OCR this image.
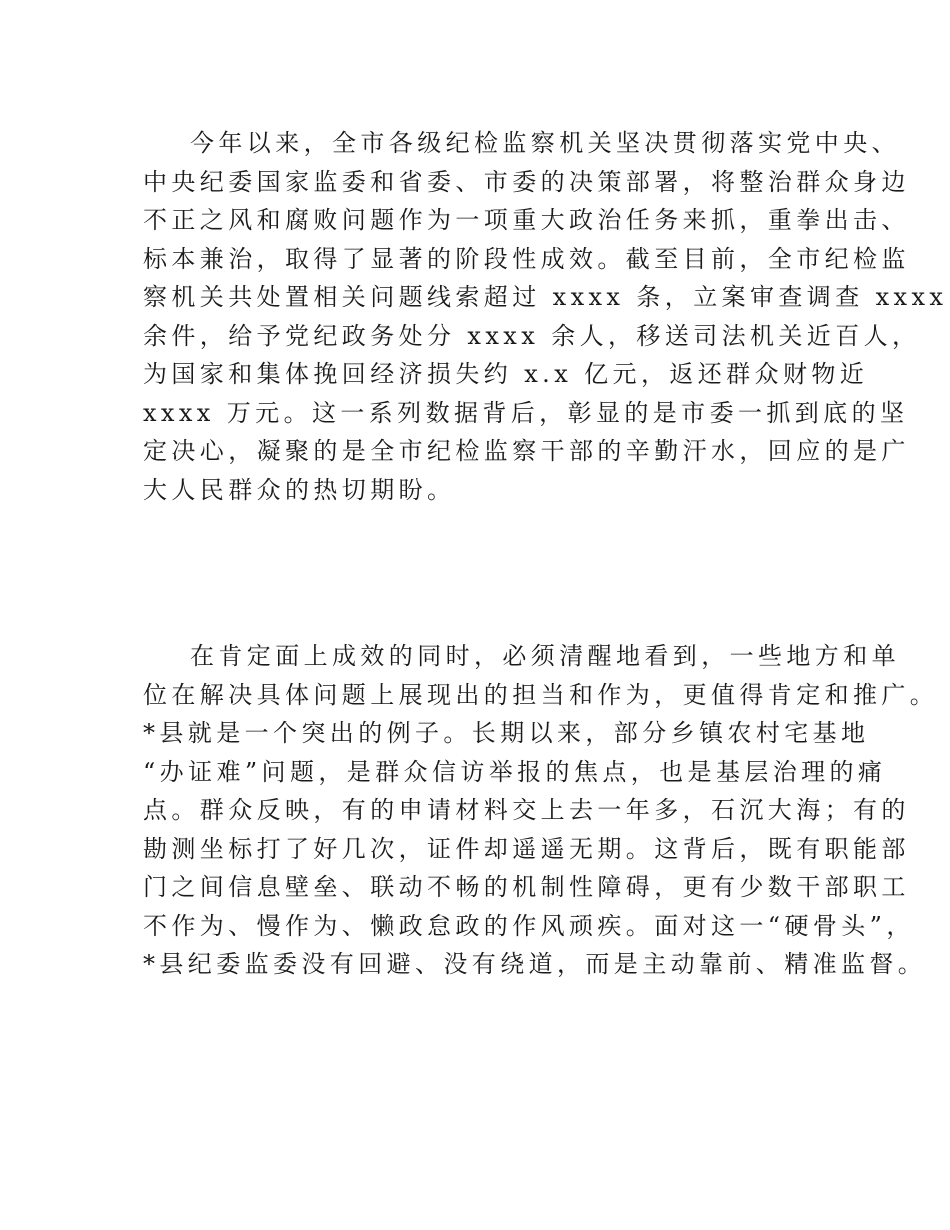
今年以来，全市各级纪检监察机关坚决贯彻落实党中央、
中央纪委国家监委和省委、市委的决策部署，将整治群众身边
不正之风和腐败问题作为一项重大政治任务来抓，重拳出击、
标本兼治，取得了显著的阶段性成效。截至目前，全市纪检监
察机关共处置相关问题线索超过 xxxx 条，立案审查调查 xxxx
余件，给予党纪政务处分 xxxx 余人，移送司法机关近百人，
为国家和集体挽回经济损失约 x.x 亿元，返还群众财物近
xxxx 万元。这一系列数据背后，彰显的是市委一抓到底的坚
定决心，凝聚的是全市纪检监察干部的辛勤汗水，回应的是广
大人民群众的热切期盼。
在肯定面上成效的同时，必须清醒地看到，一些地方和单
位在解决具体问题上展现出的担当和作为，更值得肯定和推广。
*县就是一个突出的例子。长期以来，部分乡镇农村宅基地
“办证难”问题，是群众信访举报的焦点，也是基层治理的痛
点。群众反映，有的申请材料交上去一年多，石沉大海；有的
勘测坐标打了好几次，证件却遥遥无期。这背后，既有职能部
门之间信息壁垒、联动不畅的机制性障碍，更有少数干部职工
不作为、慢作为、懒政怠政的作风顽疾。面对这一“硬骨头”，
*县纪委监委没有回避、没有绕道，而是主动靠前、精准监督。
